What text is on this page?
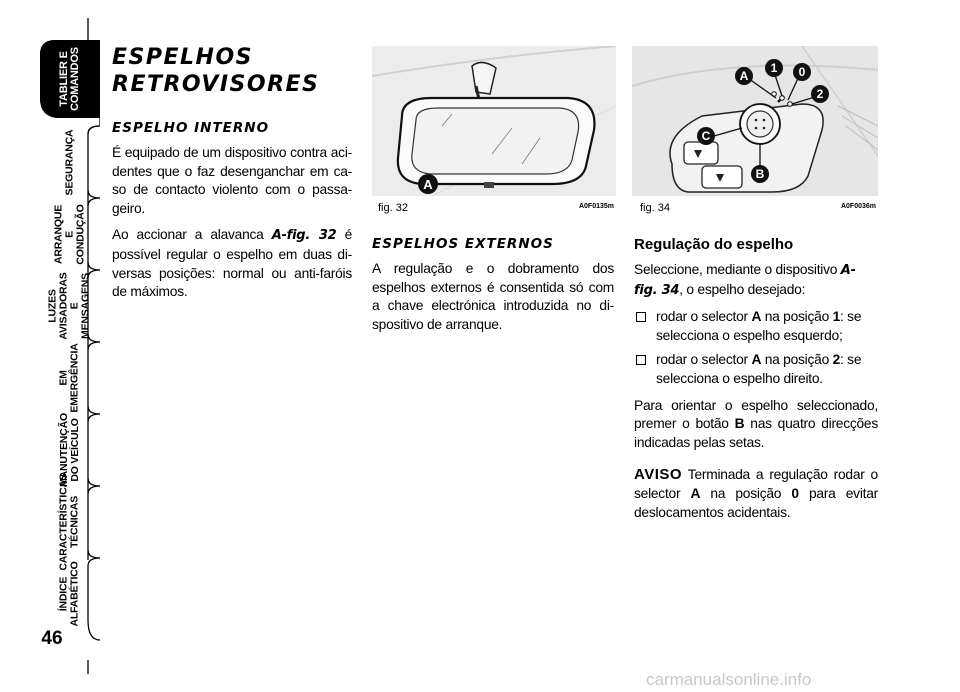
TABLIER E
COMANDOS
SEGURANÇA
ARRANQUE
E CONDUÇÃO
LUZES
AVISADORAS
E MENSAGENS
EM EMERGÊNCIA
MANUTENÇÃO
DO VEÍCULO
CARACTERÍSTICAS
TÉCNICAS
ÍNDICE
ALFABÉTICO
46
ESPELHOS
RETROVISORES
ESPELHO INTERNO

É equipado de um dispositivo contra aci-dentes que o faz desenganchar em ca-so de contacto violento com o passa-geiro.

Ao accionar a alavanca A-fig. 32 é possível regular o espelho em duas di-versas posições: normal ou anti-faróis de máximos.

A
fig. 32	A0F0135m
ESPELHOS EXTERNOS

A regulação e o dobramento dos espelhos externos é consentida só com a chave electrónica introduzida no di-spositivo de arranque.

A
1 0
2
C
B
fig. 34	A0F0036m
Regulação do espelho

Seleccione, mediante o dispositivo A-fig. 34, o espelho desejado:

rodar o selector A na posição 1: se selecciona o espelho esquerdo;
rodar o selector A na posição 2: se selecciona o espelho direito.

Para orientar o espelho seleccionado, premer o botão B nas quatro direcções indicadas pelas setas.

AVISO Terminada a regulação rodar o selector A na posição 0 para evitar deslocamentos acidentais.

carmanualsonline.info
